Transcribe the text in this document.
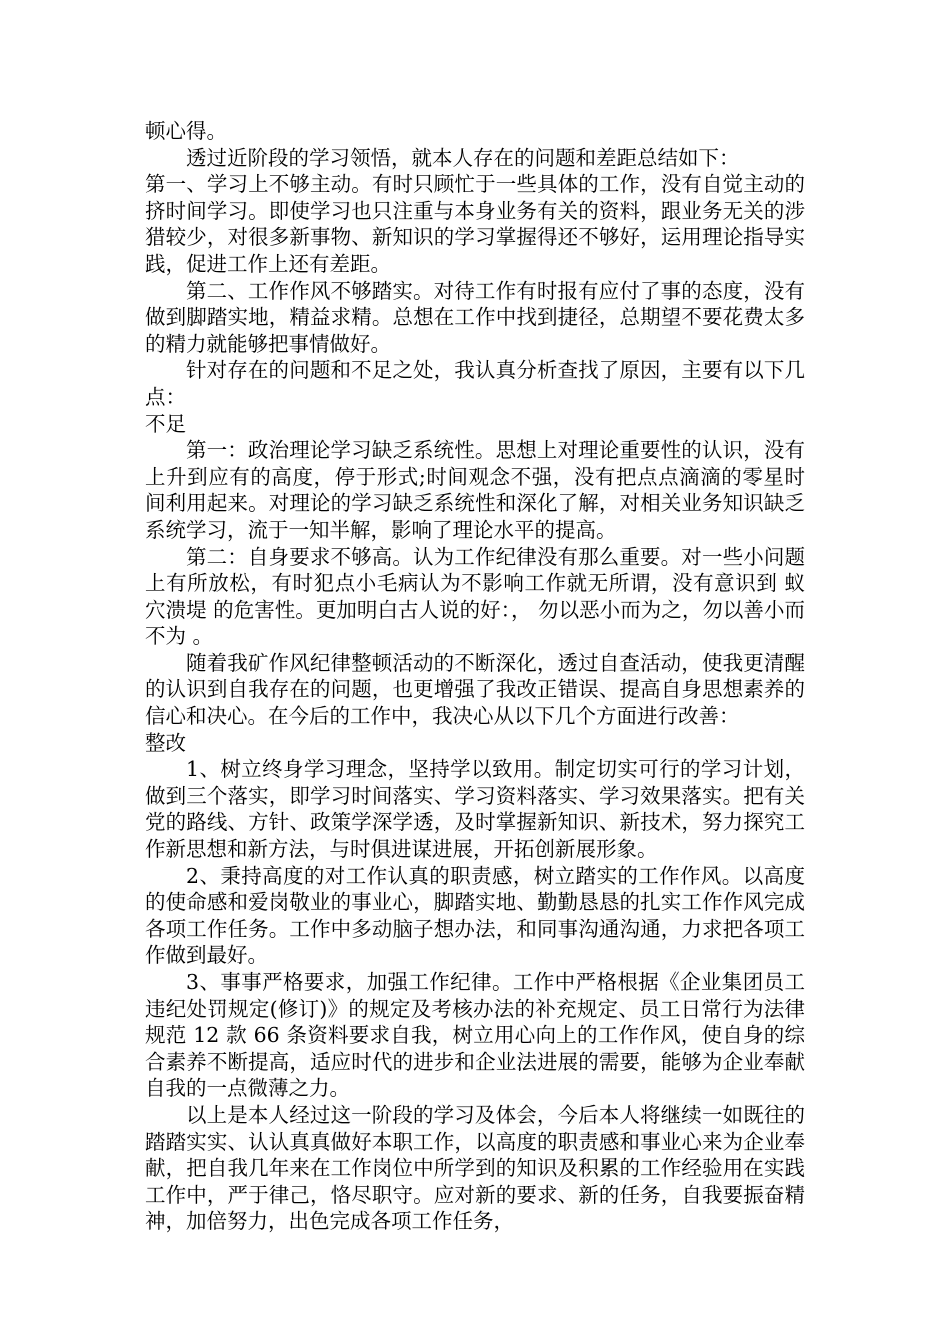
顿心得。

透过近阶段的学习领悟，就本人存在的问题和差距总结如下：

第一、学习上不够主动。有时只顾忙于一些具体的工作，没有自觉主动的挤时间学习。即使学习也只注重与本身业务有关的资料，跟业务无关的涉猎较少，对很多新事物、新知识的学习掌握得还不够好，运用理论指导实践，促进工作上还有差距。

第二、工作作风不够踏实。对待工作有时报有应付了事的态度，没有做到脚踏实地，精益求精。总想在工作中找到捷径，总期望不要花费太多的精力就能够把事情做好。

针对存在的问题和不足之处，我认真分析查找了原因，主要有以下几点：

不足

第一：政治理论学习缺乏系统性。思想上对理论重要性的认识，没有上升到应有的高度，停于形式;时间观念不强，没有把点点滴滴的零星时间利用起来。对理论的学习缺乏系统性和深化了解，对相关业务知识缺乏系统学习，流于一知半解，影响了理论水平的提高。

第二：自身要求不够高。认为工作纪律没有那么重要。对一些小问题上有所放松，有时犯点小毛病认为不影响工作就无所谓，没有意识到 蚁穴溃堤 的危害性。更加明白古人说的好：， 勿以恶小而为之，勿以善小而不为 。

随着我矿作风纪律整顿活动的不断深化，透过自查活动，使我更清醒的认识到自我存在的问题，也更增强了我改正错误、提高自身思想素养的信心和决心。在今后的工作中，我决心从以下几个方面进行改善：

整改

1、树立终身学习理念，坚持学以致用。制定切实可行的学习计划，做到三个落实，即学习时间落实、学习资料落实、学习效果落实。把有关党的路线、方针、政策学深学透，及时掌握新知识、新技术，努力探究工作新思想和新方法，与时俱进谋进展，开拓创新展形象。

2、秉持高度的对工作认真的职责感，树立踏实的工作作风。以高度的使命感和爱岗敬业的事业心，脚踏实地、勤勤恳恳的扎实工作作风完成各项工作任务。工作中多动脑子想办法，和同事沟通沟通，力求把各项工作做到最好。

3、事事严格要求，加强工作纪律。工作中严格根据《企业集团员工违纪处罚规定(修订)》的规定及考核办法的补充规定、员工日常行为法律规范 12 款 66 条资料要求自我，树立用心向上的工作作风，使自身的综合素养不断提高，适应时代的进步和企业法进展的需要，能够为企业奉献自我的一点微薄之力。

以上是本人经过这一阶段的学习及体会，今后本人将继续一如既往的踏踏实实、认认真真做好本职工作，以高度的职责感和事业心来为企业奉献，把自我几年来在工作岗位中所学到的知识及积累的工作经验用在实践工作中，严于律己，恪尽职守。应对新的要求、新的任务，自我要振奋精神，加倍努力，出色完成各项工作任务，
